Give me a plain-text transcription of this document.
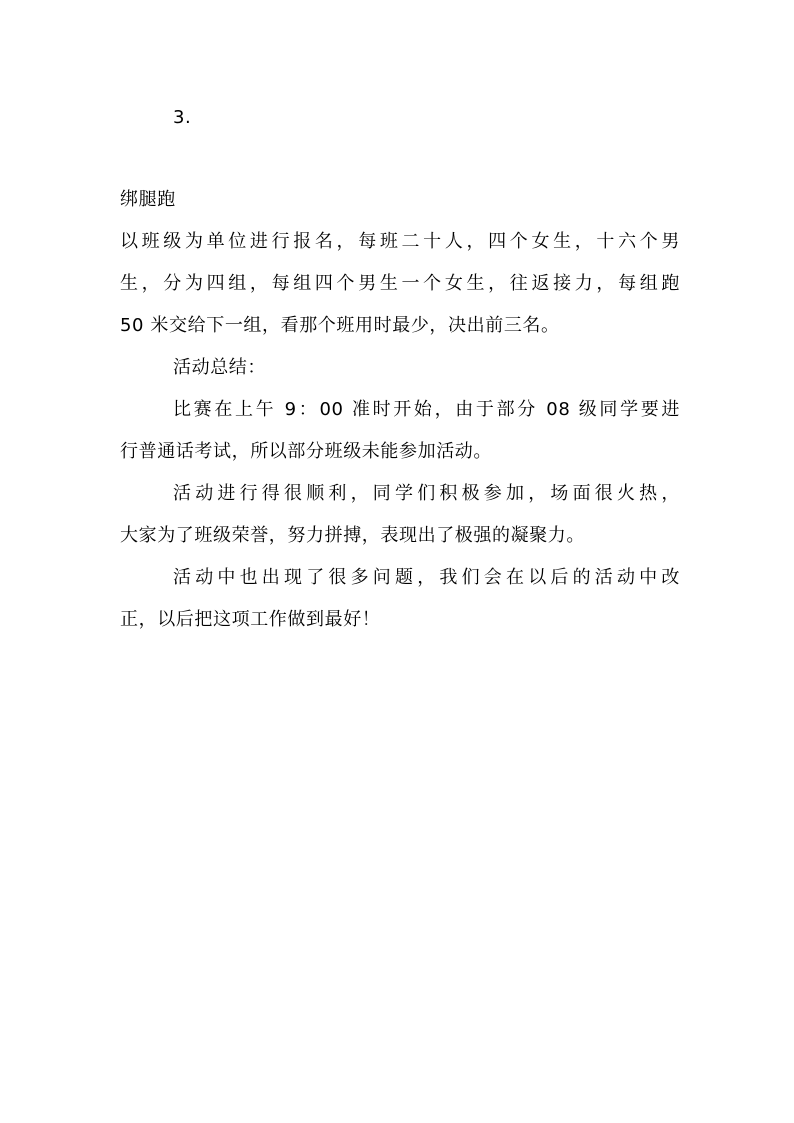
3.
绑腿跑
以班级为单位进行报名，每班二十人，四个女生，十六个男
生，分为四组，每组四个男生一个女生，往返接力，每组跑
50 米交给下一组，看那个班用时最少，决出前三名。
活动总结：
比赛在上午 9：00 准时开始，由于部分 08 级同学要进
行普通话考试，所以部分班级未能参加活动。
活动进行得很顺利，同学们积极参加，场面很火热，
大家为了班级荣誉，努力拼搏，表现出了极强的凝聚力。
活动中也出现了很多问题，我们会在以后的活动中改
正，以后把这项工作做到最好！
